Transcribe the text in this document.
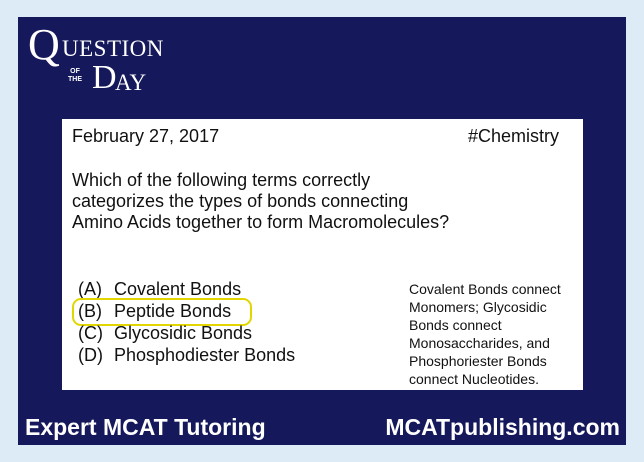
Q UESTION
OF
THE D
AY
February 27, 2017	#Chemistry
Which of the following terms correctly
categorizes the types of bonds connecting
Amino Acids together to form Macromolecules?
(A) Covalent Bonds
(B) Peptide Bonds
(C) Glycosidic Bonds
(D) Phosphodiester Bonds
Covalent Bonds connect
Monomers; Glycosidic
Bonds connect
Monosaccharides, and
Phosphoriester Bonds
connect Nucleotides.
Expert MCAT Tutoring	MCATpublishing.com
